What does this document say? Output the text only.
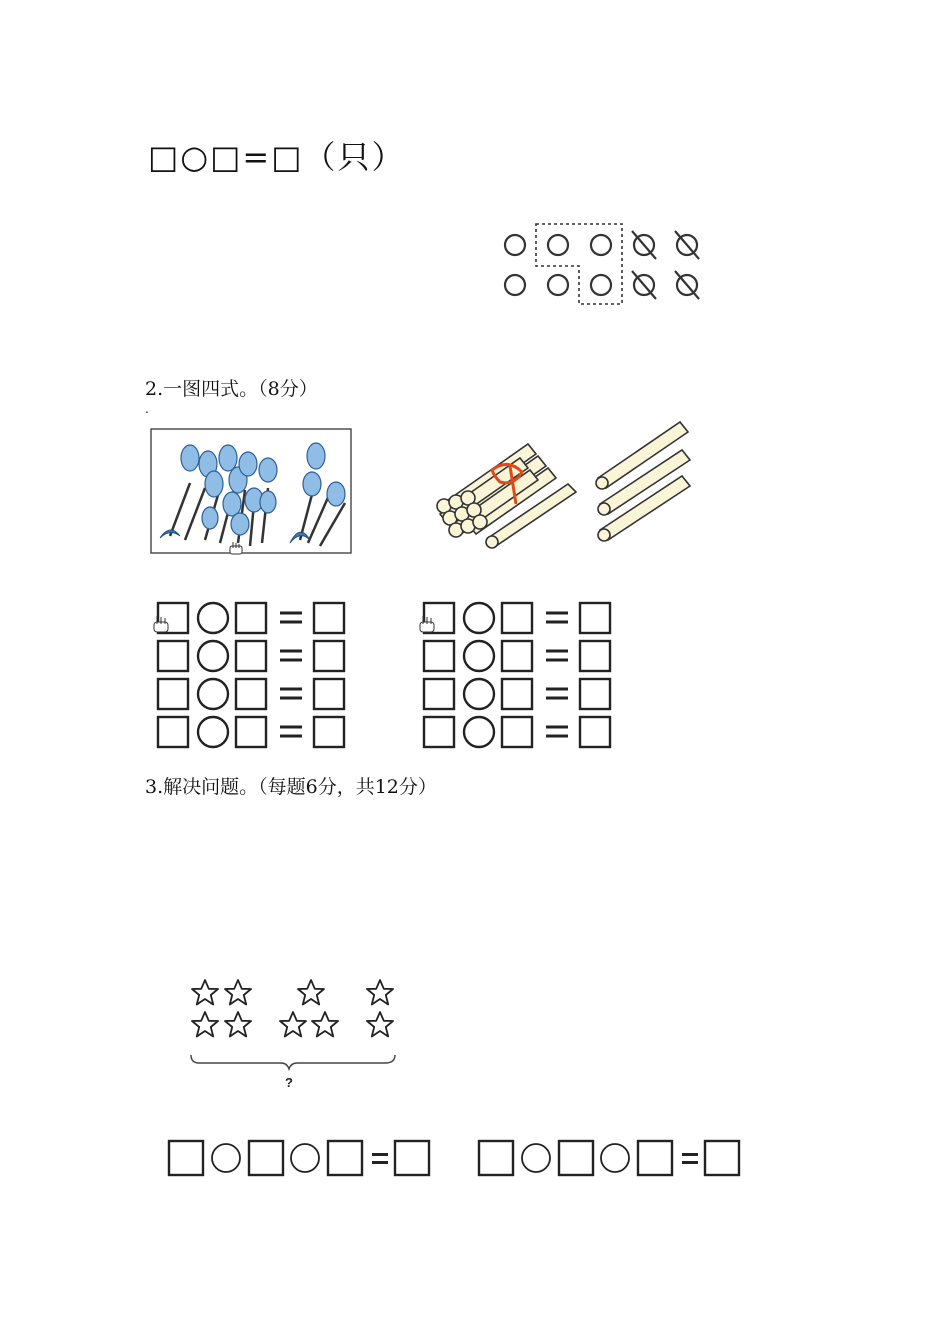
□○□=□（只）
2.一图四式。（8分）
.
3.解决问题。（每题6分，共12分）
?
